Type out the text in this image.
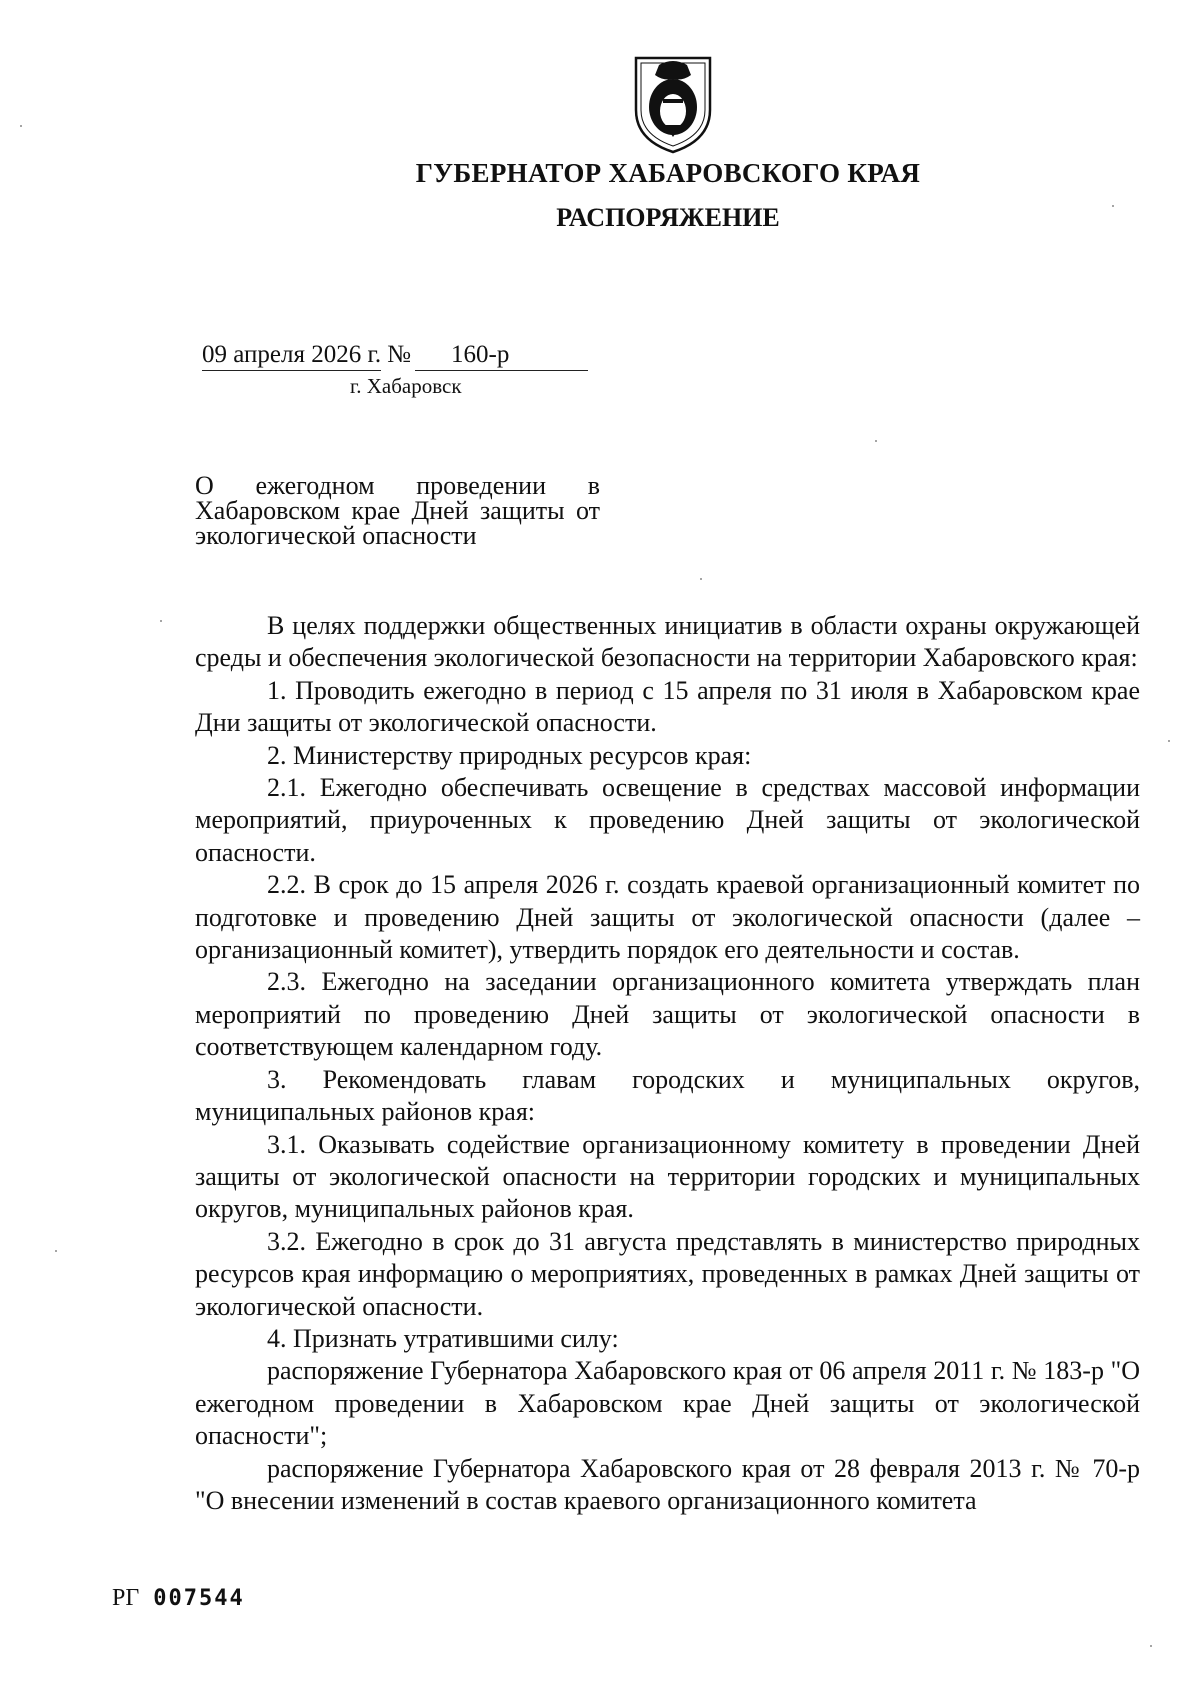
ГУБЕРНАТОР ХАБАРОВСКОГО КРАЯ
РАСПОРЯЖЕНИЕ
09 апреля 2026 г. № 160-р
г. Хабаровск
О ежегодном проведении в Хабаровском крае Дней защиты от экологической опасности

В целях поддержки общественных инициатив в области охраны окружающей среды и обеспечения экологической безопасности на территории Хабаровского края:

1. Проводить ежегодно в период с 15 апреля по 31 июля в Хабаровском крае Дни защиты от экологической опасности.

2. Министерству природных ресурсов края:

2.1. Ежегодно обеспечивать освещение в средствах массовой информации мероприятий, приуроченных к проведению Дней защиты от экологической опасности.

2.2. В срок до 15 апреля 2026 г. создать краевой организационный комитет по подготовке и проведению Дней защиты от экологической опасности (далее – организационный комитет), утвердить порядок его деятельности и состав.

2.3. Ежегодно на заседании организационного комитета утверждать план мероприятий по проведению Дней защиты от экологической опасности в соответствующем календарном году.

3. Рекомендовать главам городских и муниципальных округов, муниципальных районов края:

3.1. Оказывать содействие организационному комитету в проведении Дней защиты от экологической опасности на территории городских и муниципальных округов, муниципальных районов края.

3.2. Ежегодно в срок до 31 августа представлять в министерство природных ресурсов края информацию о мероприятиях, проведенных в рамках Дней защиты от экологической опасности.

4. Признать утратившими силу:

распоряжение Губернатора Хабаровского края от 06 апреля 2011 г. № 183-р "О ежегодном проведении в Хабаровском крае Дней защиты от экологической опасности";

распоряжение Губернатора Хабаровского края от 28 февраля 2013 г. № 70-р "О внесении изменений в состав краевого организационного комитета

РГ 007544
